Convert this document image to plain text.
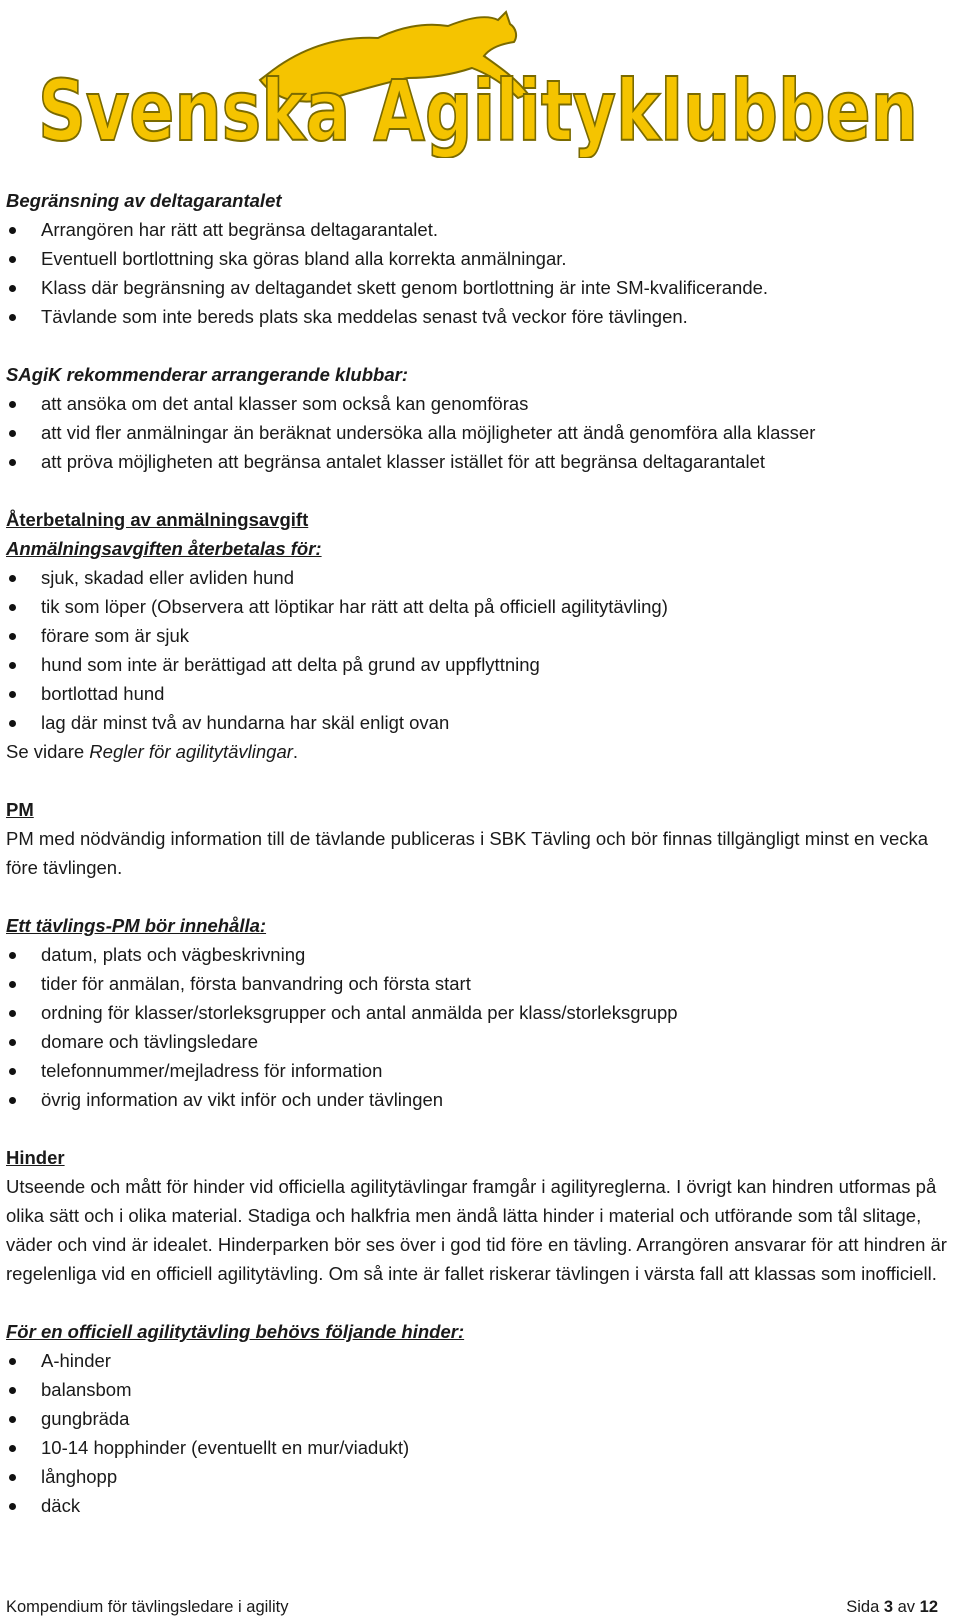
Svenska Agilityklubben
Begränsning av deltagarantalet
Arrangören har rätt att begränsa deltagarantalet.
Eventuell bortlottning ska göras bland alla korrekta anmälningar.
Klass där begränsning av deltagandet skett genom bortlottning är inte SM-kvalificerande.
Tävlande som inte bereds plats ska meddelas senast två veckor före tävlingen.
SAgiK rekommenderar arrangerande klubbar:
att ansöka om det antal klasser som också kan genomföras
att vid fler anmälningar än beräknat undersöka alla möjligheter att ändå genomföra alla klasser
att pröva möjligheten att begränsa antalet klasser istället för att begränsa deltagarantalet
Återbetalning av anmälningsavgift
Anmälningsavgiften återbetalas för:
sjuk, skadad eller avliden hund
tik som löper (Observera att löptikar har rätt att delta på officiell agilitytävling)
förare som är sjuk
hund som inte är berättigad att delta på grund av uppflyttning
bortlottad hund
lag där minst två av hundarna har skäl enligt ovan

Se vidare Regler för agilitytävlingar.

PM

PM med nödvändig information till de tävlande publiceras i SBK Tävling och bör finnas tillgängligt minst en vecka före tävlingen.

Ett tävlings-PM bör innehålla:
datum, plats och vägbeskrivning
tider för anmälan, första banvandring och första start
ordning för klasser/storleksgrupper och antal anmälda per klass/storleksgrupp
domare och tävlingsledare
telefonnummer/mejladress för information
övrig information av vikt inför och under tävlingen
Hinder

Utseende och mått för hinder vid officiella agilitytävlingar framgår i agilityreglerna. I övrigt kan hindren utformas på olika sätt och i olika material. Stadiga och halkfria men ändå lätta hinder i material och utförande som tål slitage, väder och vind är idealet. Hinderparken bör ses över i god tid före en tävling. Arrangören ansvarar för att hindren är regelenliga vid en officiell agilitytävling. Om så inte är fallet riskerar tävlingen i värsta fall att klassas som inofficiell.

För en officiell agilitytävling behövs följande hinder:
A-hinder
balansbom
gungbräda
10-14 hopphinder (eventuellt en mur/viadukt)
långhopp
däck
Kompendium för tävlingsledare i agility	Sida 3 av 12
